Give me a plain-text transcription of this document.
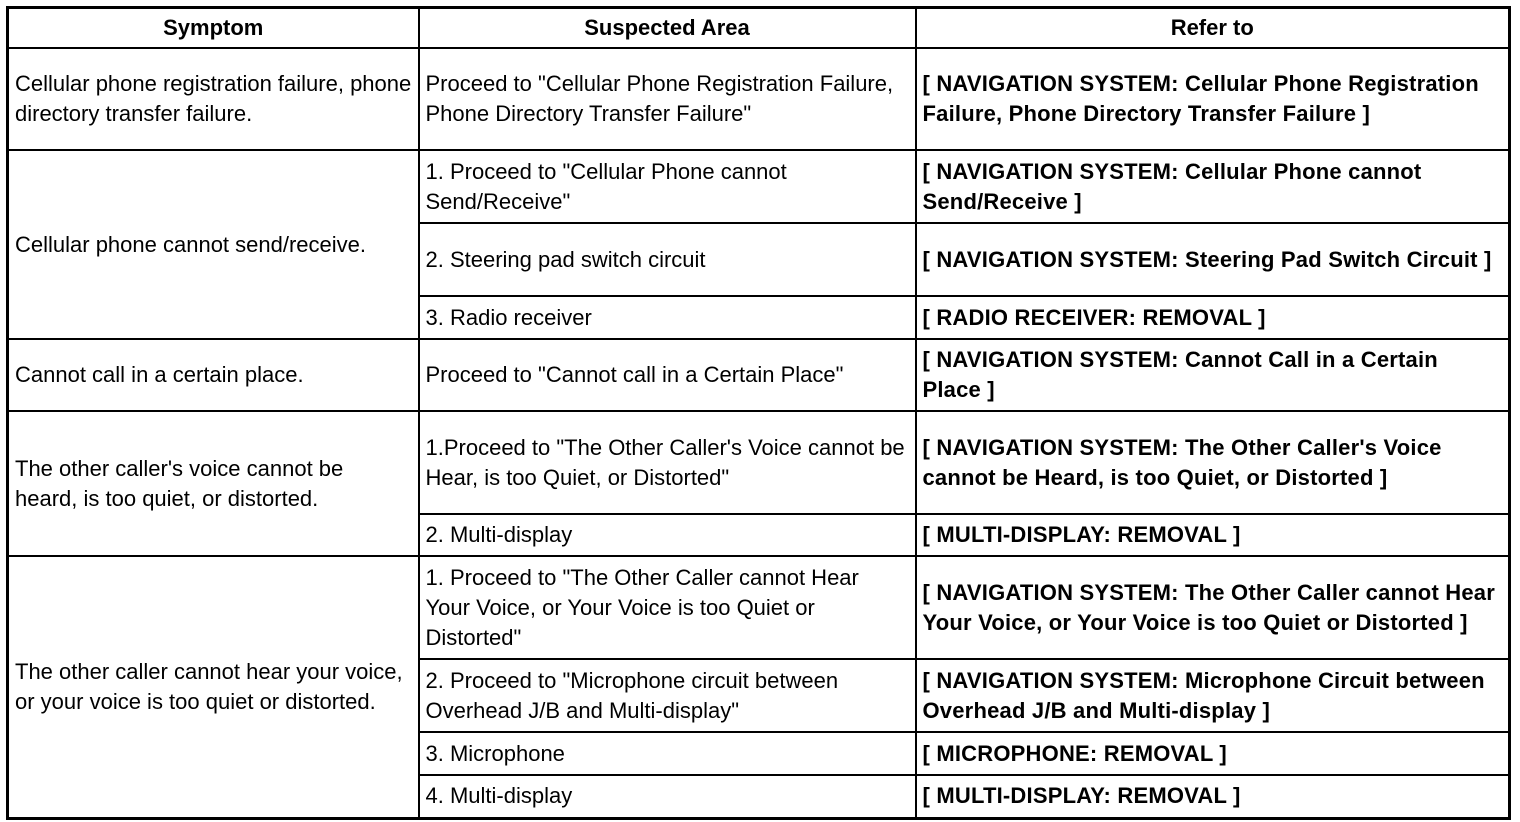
Symptom	Suspected Area	Refer to
Cellular phone registration failure, phone directory transfer failure.	Proceed to "Cellular Phone Registration Failure, Phone Directory Transfer Failure"	[ NAVIGATION SYSTEM: Cellular Phone Registration Failure, Phone Directory Transfer Failure ]
Cellular phone cannot send/receive.	1. Proceed to "Cellular Phone cannot Send/Receive"	[ NAVIGATION SYSTEM: Cellular Phone cannot Send/Receive ]
	2. Steering pad switch circuit	[ NAVIGATION SYSTEM: Steering Pad Switch Circuit ]
	3. Radio receiver	[ RADIO RECEIVER: REMOVAL ]
Cannot call in a certain place.	Proceed to "Cannot call in a Certain Place"	[ NAVIGATION SYSTEM: Cannot Call in a Certain Place ]
The other caller's voice cannot be heard, is too quiet, or distorted.	1.Proceed to "The Other Caller's Voice cannot be Hear, is too Quiet, or Distorted"	[ NAVIGATION SYSTEM: The Other Caller's Voice cannot be Heard, is too Quiet, or Distorted ]
	2. Multi-display	[ MULTI-DISPLAY: REMOVAL ]
The other caller cannot hear your voice, or your voice is too quiet or distorted.	1. Proceed to "The Other Caller cannot Hear Your Voice, or Your Voice is too Quiet or Distorted"	[ NAVIGATION SYSTEM: The Other Caller cannot Hear Your Voice, or Your Voice is too Quiet or Distorted ]
	2. Proceed to "Microphone circuit between Overhead J/B and Multi-display"	[ NAVIGATION SYSTEM: Microphone Circuit between Overhead J/B and Multi-display ]
	3. Microphone	[ MICROPHONE: REMOVAL ]
	4. Multi-display	[ MULTI-DISPLAY: REMOVAL ]
